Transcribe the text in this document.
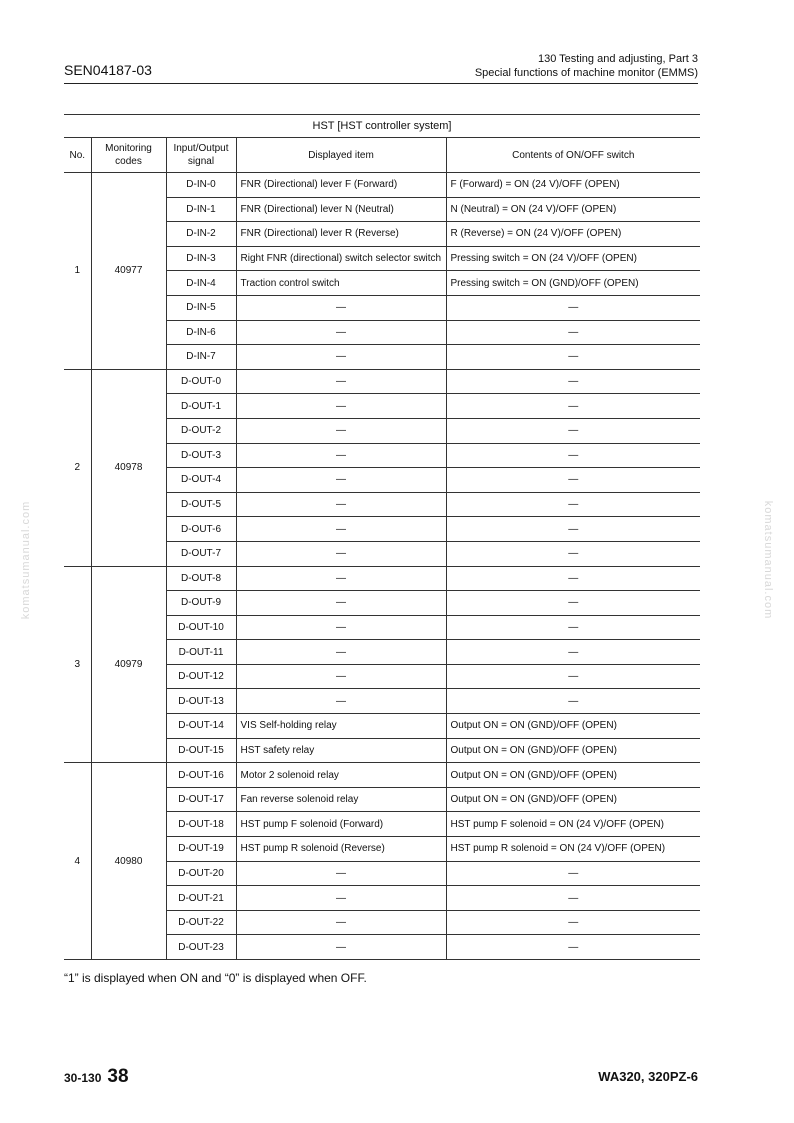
SEN04187-03
130 Testing and adjusting, Part 3
Special functions of machine monitor (EMMS)
komatsumanual.com	komatsumanual.com
HST [HST controller system]				
No.	Monitoring codes	Input/Output signal	Displayed item	Contents of ON/OFF switch
1	40977	D-IN-0	FNR (Directional) lever F (Forward)	F (Forward) = ON (24 V)/OFF (OPEN)
		D-IN-1	FNR (Directional) lever N (Neutral)	N (Neutral) = ON (24 V)/OFF (OPEN)
		D-IN-2	FNR (Directional) lever R (Reverse)	R (Reverse) = ON (24 V)/OFF (OPEN)
		D-IN-3	Right FNR (directional) switch selector switch	Pressing switch = ON (24 V)/OFF (OPEN)
		D-IN-4	Traction control switch	Pressing switch = ON (GND)/OFF (OPEN)
		D-IN-5	—	—
		D-IN-6	—	—
		D-IN-7	—	—
2	40978	D-OUT-0	—	—
		D-OUT-1	—	—
		D-OUT-2	—	—
		D-OUT-3	—	—
		D-OUT-4	—	—
		D-OUT-5	—	—
		D-OUT-6	—	—
		D-OUT-7	—	—
3	40979	D-OUT-8	—	—
		D-OUT-9	—	—
		D-OUT-10	—	—
		D-OUT-11	—	—
		D-OUT-12	—	—
		D-OUT-13	—	—
		D-OUT-14	VIS Self-holding relay	Output ON = ON (GND)/OFF (OPEN)
		D-OUT-15	HST safety relay	Output ON = ON (GND)/OFF (OPEN)
4	40980	D-OUT-16	Motor 2 solenoid relay	Output ON = ON (GND)/OFF (OPEN)
		D-OUT-17	Fan reverse solenoid relay	Output ON = ON (GND)/OFF (OPEN)
		D-OUT-18	HST pump F solenoid (Forward)	HST pump F solenoid = ON (24 V)/OFF (OPEN)
		D-OUT-19	HST pump R solenoid (Reverse)	HST pump R solenoid = ON (24 V)/OFF (OPEN)
		D-OUT-20	—	—
		D-OUT-21	—	—
		D-OUT-22	—	—
		D-OUT-23	—	—
“1” is displayed when ON and “0” is displayed when OFF.
30-130 38	WA320, 320PZ-6
